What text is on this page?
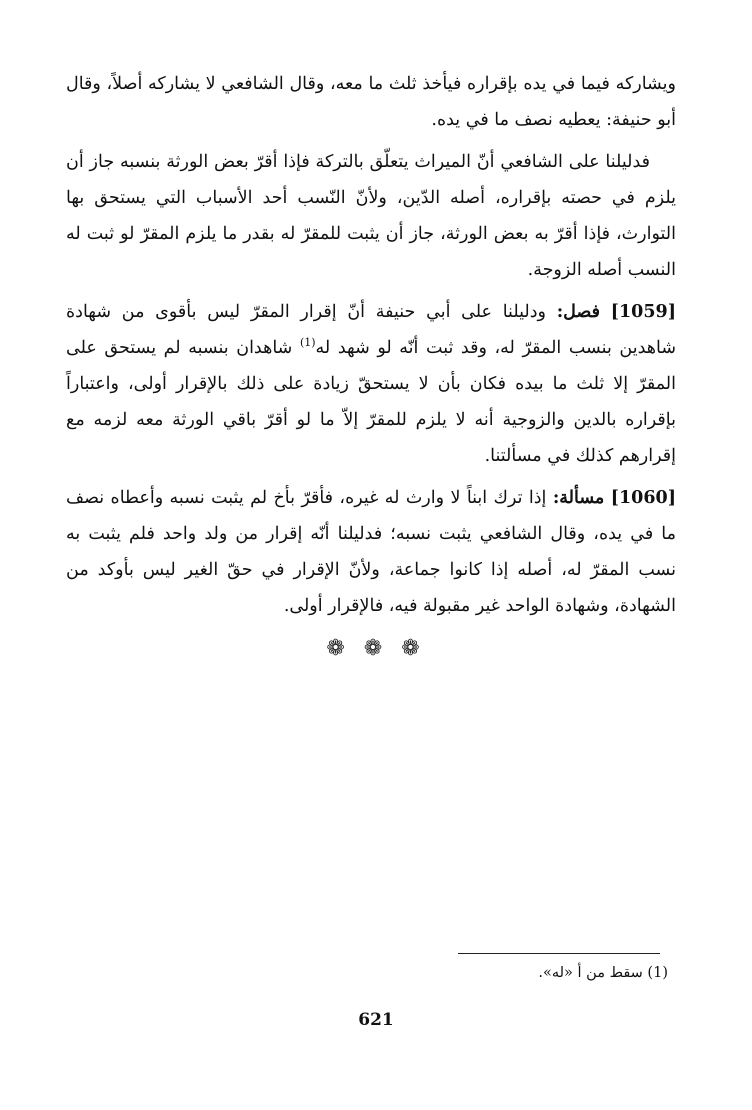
ويشاركه فيما في يده بإقراره فيأخذ ثلث ما معه، وقال الشافعي لا يشاركه أصلاً، وقال أبو حنيفة: يعطيه نصف ما في يده.

فدليلنا على الشافعي أنّ الميراث يتعلّق بالتركة فإذا أقرّ بعض الورثة بنسبه جاز أن يلزم في حصته بإقراره، أصله الدّين، ولأنّ النّسب أحد الأسباب التي يستحق بها التوارث، فإذا أقرّ به بعض الورثة، جاز أن يثبت للمقرّ له بقدر ما يلزم المقرّ لو ثبت له النسب أصله الزوجة.

[1059] فصل: ودليلنا على أبي حنيفة أنّ إقرار المقرّ ليس بأقوى من شهادة شاهدين بنسب المقرّ له، وقد ثبت أنّه لو شهد له$^{(1)}$ شاهدان بنسبه لم يستحق على المقرّ إلا ثلث ما بيده فكان بأن لا يستحقّ زيادة على ذلك بالإقرار أولى، واعتباراً بإقراره بالدين والزوجية أنه لا يلزم للمقرّ إلاّ ما لو أقرّ باقي الورثة معه لزمه مع إقرارهم كذلك في مسألتنا.

[1060] مسألة: إذا ترك ابناً لا وارث له غيره، فأقرّ بأخ لم يثبت نسبه وأعطاه نصف ما في يده، وقال الشافعي يثبت نسبه؛ فدليلنا أنّه إقرار من ولد واحد فلم يثبت به نسب المقرّ له، أصله إذا كانوا جماعة، ولأنّ الإقرار في حقّ الغير ليس بأوكد من الشهادة، وشهادة الواحد غير مقبولة فيه، فالإقرار أولى.

❁ ❁ ❁
(1) سقط من أ «له».
621
